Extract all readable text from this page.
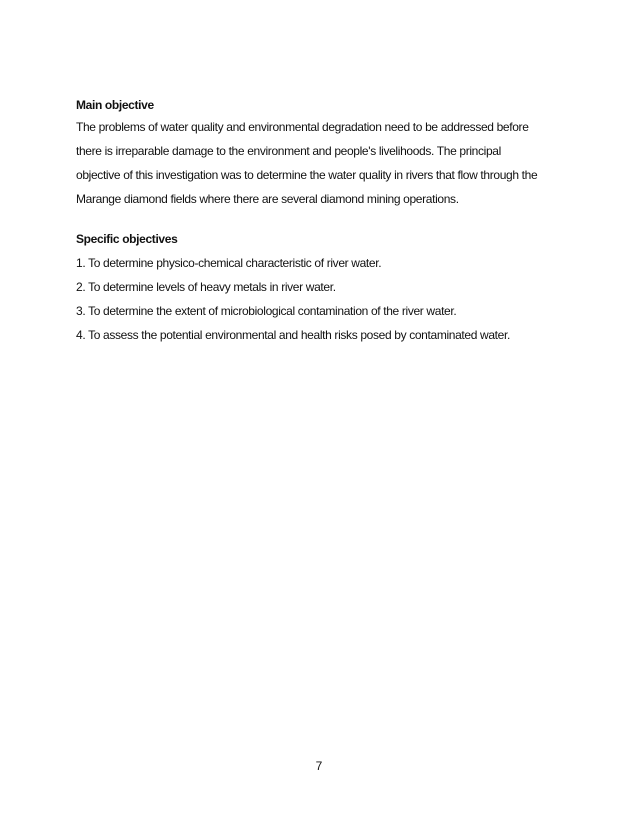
Main objective

The problems of water quality and environmental degradation need to be addressed before

there is irreparable damage to the environment and people's livelihoods. The principal

objective of this investigation was to determine the water quality in rivers that flow through the

Marange diamond fields where there are several diamond mining operations.

Specific objectives

1. To determine physico-chemical characteristic of river water.

2. To determine levels of heavy metals in river water.

3. To determine the extent of microbiological contamination of the river water.

4. To assess the potential environmental and health risks posed by contaminated water.

7
